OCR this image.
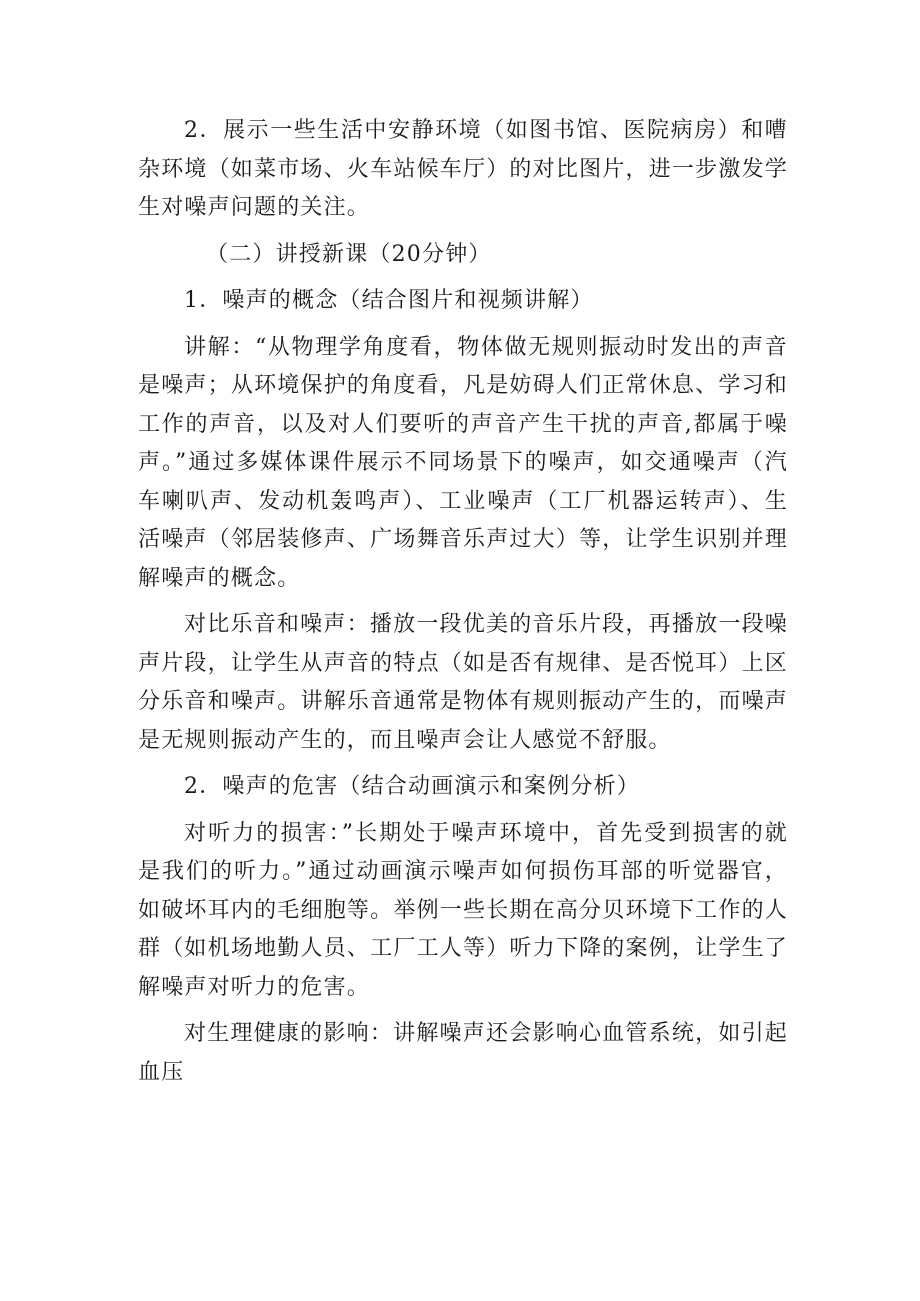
2．展示一些生活中安静环境（如图书馆、医院病房）和嘈杂环境（如菜市场、火车站候车厅）的对比图片，进一步激发学生对噪声问题的关注。

（二）讲授新课（20分钟）

1．噪声的概念（结合图片和视频讲解）

讲解：“从物理学角度看，物体做无规则振动时发出的声音是噪声；从环境保护的角度看，凡是妨碍人们正常休息、学习和工作的声音，以及对人们要听的声音产生干扰的声音,都属于噪声。”通过多媒体课件展示不同场景下的噪声，如交通噪声（汽车喇叭声、发动机轰鸣声）、工业噪声（工厂机器运转声）、生活噪声（邻居装修声、广场舞音乐声过大）等，让学生识别并理解噪声的概念。

对比乐音和噪声：播放一段优美的音乐片段，再播放一段噪声片段，让学生从声音的特点（如是否有规律、是否悦耳）上区分乐音和噪声。讲解乐音通常是物体有规则振动产生的，而噪声是无规则振动产生的，而且噪声会让人感觉不舒服。

2．噪声的危害（结合动画演示和案例分析）

对听力的损害：”长期处于噪声环境中，首先受到损害的就是我们的听力。”通过动画演示噪声如何损伤耳部的听觉器官，如破坏耳内的毛细胞等。举例一些长期在高分贝环境下工作的人群（如机场地勤人员、工厂工人等）听力下降的案例，让学生了解噪声对听力的危害。

对生理健康的影响：讲解噪声还会影响心血管系统，如引起血压
